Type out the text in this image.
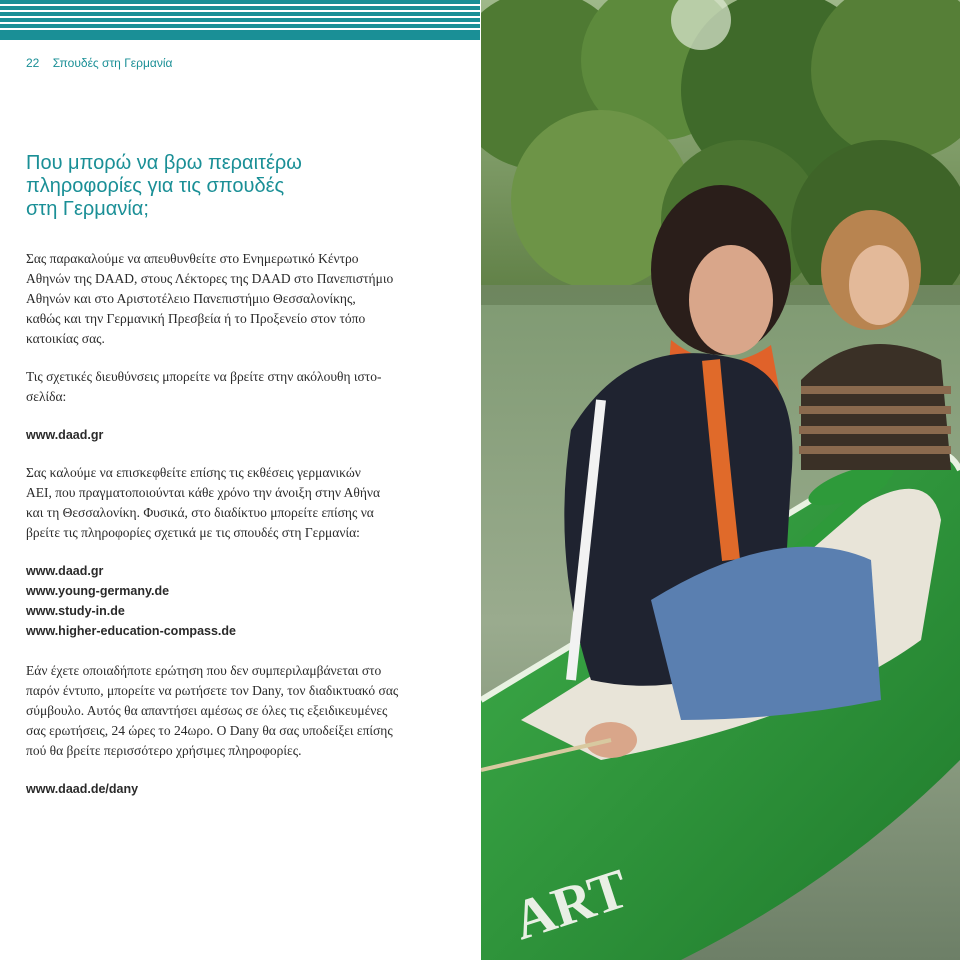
22 Σπουδές στη Γερμανία
Που μπορώ να βρω περαιτέρω
πληροφορίες για τις σπουδές
στη Γερμανία;

Σας παρακαλούμε να απευθυνθείτε στο Ενημερωτικό Κέντρο
Αθηνών της DAAD, στους Λέκτορες της DAAD στο Πανεπιστήμιο
Αθηνών και στο Αριστοτέλειο Πανεπιστήμιο Θεσσαλονίκης,
καθώς και την Γερμανική Πρεσβεία ή το Προξενείο στον τόπο
κατοικίας σας.

Τις σχετικές διευθύνσεις μπορείτε να βρείτε στην ακόλουθη ιστο-
σελίδα:

www.daad.gr

Σας καλούμε να επισκεφθείτε επίσης τις εκθέσεις γερμανικών
ΑΕΙ, που πραγματοποιούνται κάθε χρόνο την άνοιξη στην Αθήνα
και τη Θεσσαλονίκη. Φυσικά, στο διαδίκτυο μπορείτε επίσης να
βρείτε τις πληροφορίες σχετικά με τις σπουδές στη Γερμανία:

www.daad.gr

www.young-germany.de

www.study-in.de

www.higher-education-compass.de

Εάν έχετε οποιαδήποτε ερώτηση που δεν συμπεριλαμβάνεται στο
παρόν έντυπο, μπορείτε να ρωτήσετε τον Dany, τον διαδικτυακό σας
σύμβουλο. Αυτός θα απαντήσει αμέσως σε όλες τις εξειδικευμένες
σας ερωτήσεις, 24 ώρες το 24ωρο. O Dany θα σας υποδείξει επίσης
πού θα βρείτε περισσότερο χρήσιμες πληροφορίες.

www.daad.de/dany

ART
